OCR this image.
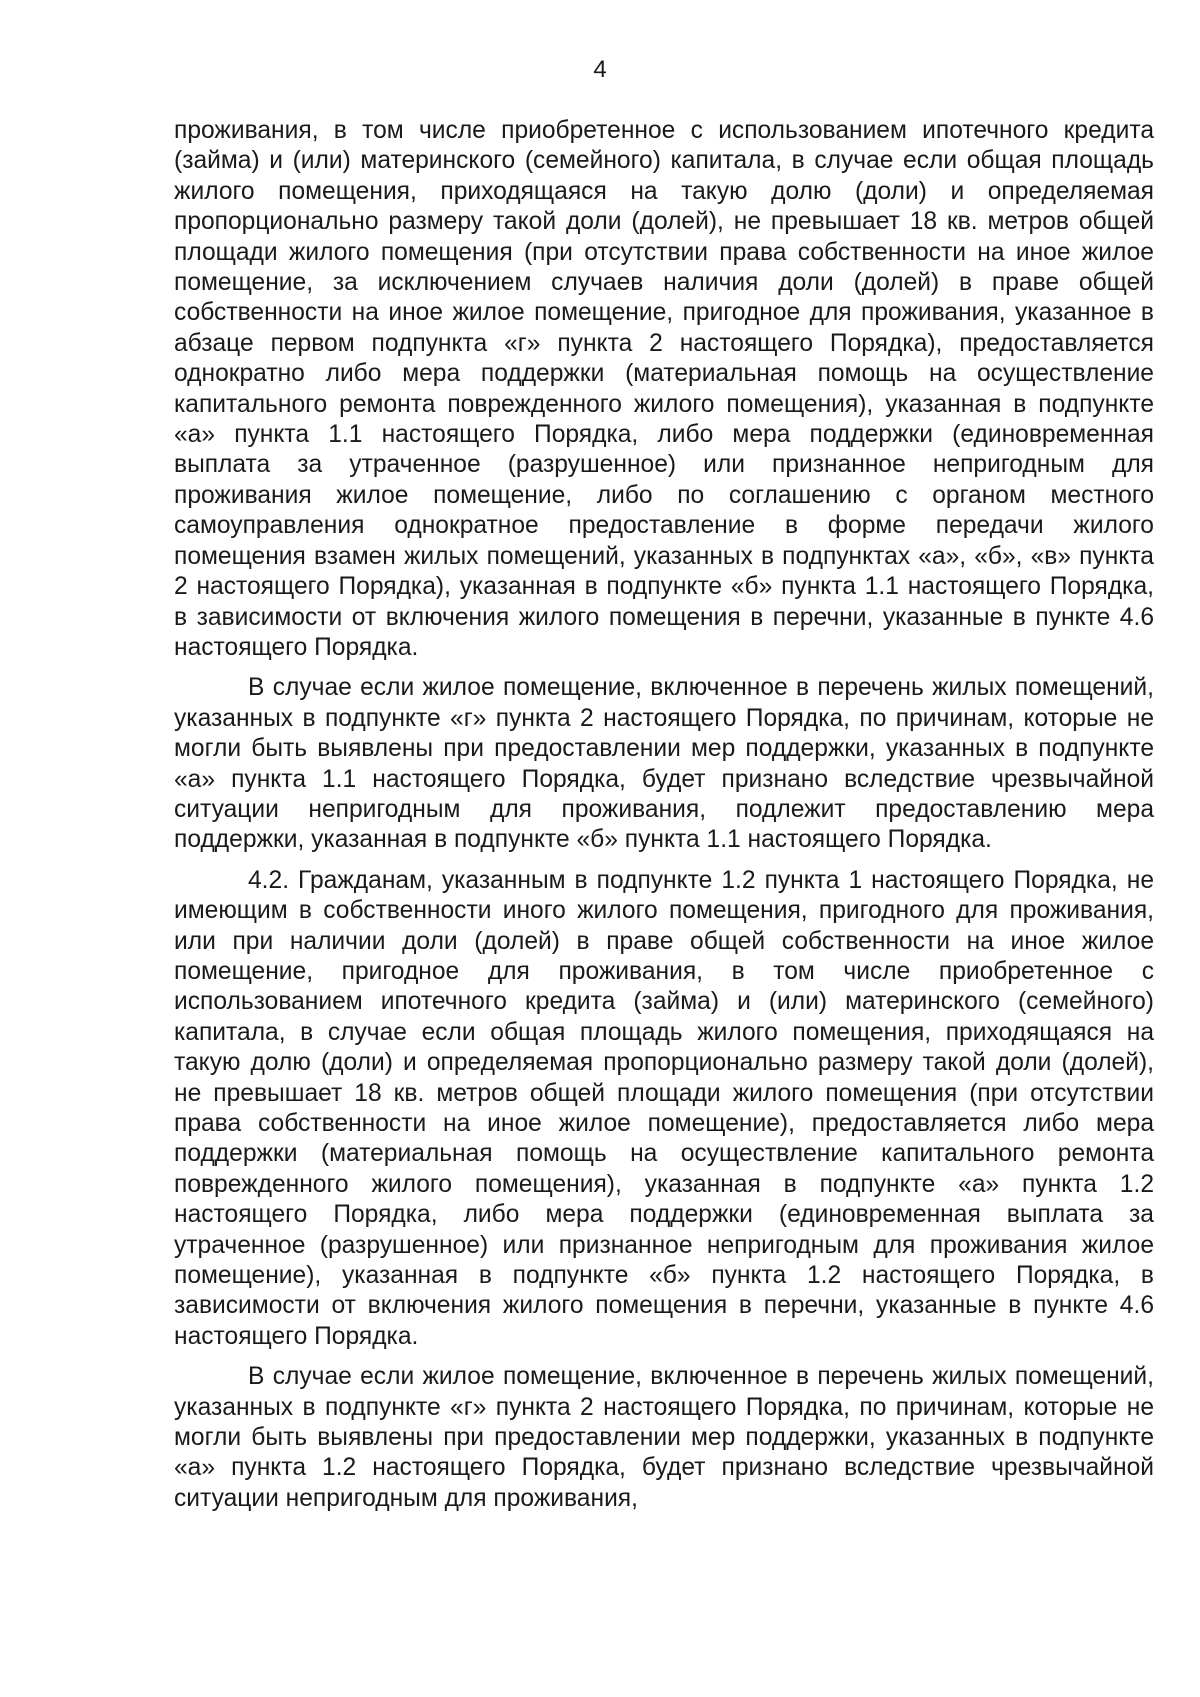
4

проживания, в том числе приобретенное с использованием ипотечного кредита (займа) и (или) материнского (семейного) капитала, в случае если общая площадь жилого помещения, приходящаяся на такую долю (доли) и определяемая пропорционально размеру такой доли (долей), не превышает 18 кв. метров общей площади жилого помещения (при отсутствии права собственности на иное жилое помещение, за исключением случаев наличия доли (долей) в праве общей собственности на иное жилое помещение, пригодное для проживания, указанное в абзаце первом подпункта «г» пункта 2 настоящего Порядка), предоставляется однократно либо мера поддержки (материальная помощь на осуществление капитального ремонта поврежденного жилого помещения), указанная в подпункте «а» пункта 1.1 настоящего Порядка, либо мера поддержки (единовременная выплата за утраченное (разрушенное) или признанное непригодным для проживания жилое помещение, либо по соглашению с органом местного самоуправления однократное предоставление в форме передачи жилого помещения взамен жилых помещений, указанных в подпунктах «а», «б», «в» пункта 2 настоящего Порядка), указанная в подпункте «б» пункта 1.1 настоящего Порядка, в зависимости от включения жилого помещения в перечни, указанные в пункте 4.6 настоящего Порядка.

В случае если жилое помещение, включенное в перечень жилых помещений, указанных в подпункте «г» пункта 2 настоящего Порядка, по причинам, которые не могли быть выявлены при предоставлении мер поддержки, указанных в подпункте «а» пункта 1.1 настоящего Порядка, будет признано вследствие чрезвычайной ситуации непригодным для проживания, подлежит предоставлению мера поддержки, указанная в подпункте «б» пункта 1.1 настоящего Порядка.

4.2. Гражданам, указанным в подпункте 1.2 пункта 1 настоящего Порядка, не имеющим в собственности иного жилого помещения, пригодного для проживания, или при наличии доли (долей) в праве общей собственности на иное жилое помещение, пригодное для проживания, в том числе приобретенное с использованием ипотечного кредита (займа) и (или) материнского (семейного) капитала, в случае если общая площадь жилого помещения, приходящаяся на такую долю (доли) и определяемая пропорционально размеру такой доли (долей), не превышает 18 кв. метров общей площади жилого помещения (при отсутствии права собственности на иное жилое помещение), предоставляется либо мера поддержки (материальная помощь на осуществление капитального ремонта поврежденного жилого помещения), указанная в подпункте «а» пункта 1.2 настоящего Порядка, либо мера поддержки (единовременная выплата за утраченное (разрушенное) или признанное непригодным для проживания жилое помещение), указанная в подпункте «б» пункта 1.2 настоящего Порядка, в зависимости от включения жилого помещения в перечни, указанные в пункте 4.6 настоящего Порядка.

В случае если жилое помещение, включенное в перечень жилых помещений, указанных в подпункте «г» пункта 2 настоящего Порядка, по причинам, которые не могли быть выявлены при предоставлении мер поддержки, указанных в подпункте «а» пункта 1.2 настоящего Порядка, будет признано вследствие чрезвычайной ситуации непригодным для проживания,
